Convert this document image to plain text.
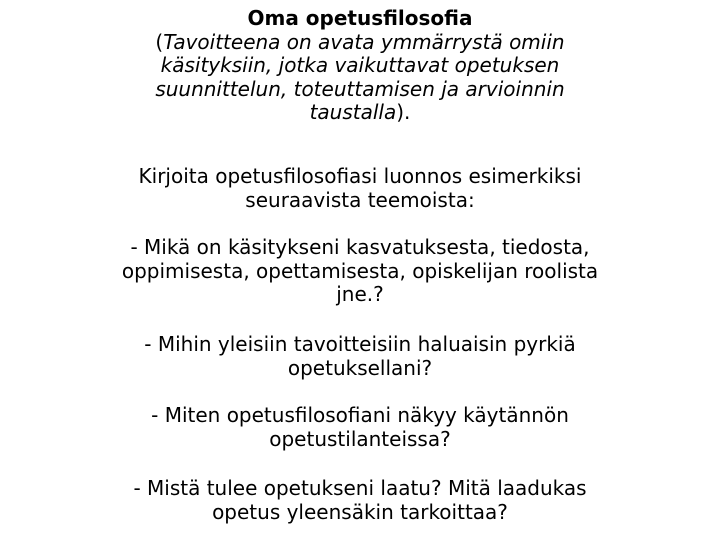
Oma opetusfilosofia
(Tavoitteena on avata ymmärrystä omiin
käsityksiin, jotka vaikuttavat opetuksen
suunnittelun, toteuttamisen ja arvioinnin
taustalla).
Kirjoita opetusfilosofiasi luonnos esimerkiksi
seuraavista teemoista:
- Mikä on käsitykseni kasvatuksesta, tiedosta,
oppimisesta, opettamisesta, opiskelijan roolista
jne.?
- Mihin yleisiin tavoitteisiin haluaisin pyrkiä
opetuksellani?
- Miten opetusfilosofiani näkyy käytännön
opetustilanteissa?
- Mistä tulee opetukseni laatu? Mitä laadukas
opetus yleensäkin tarkoittaa?
